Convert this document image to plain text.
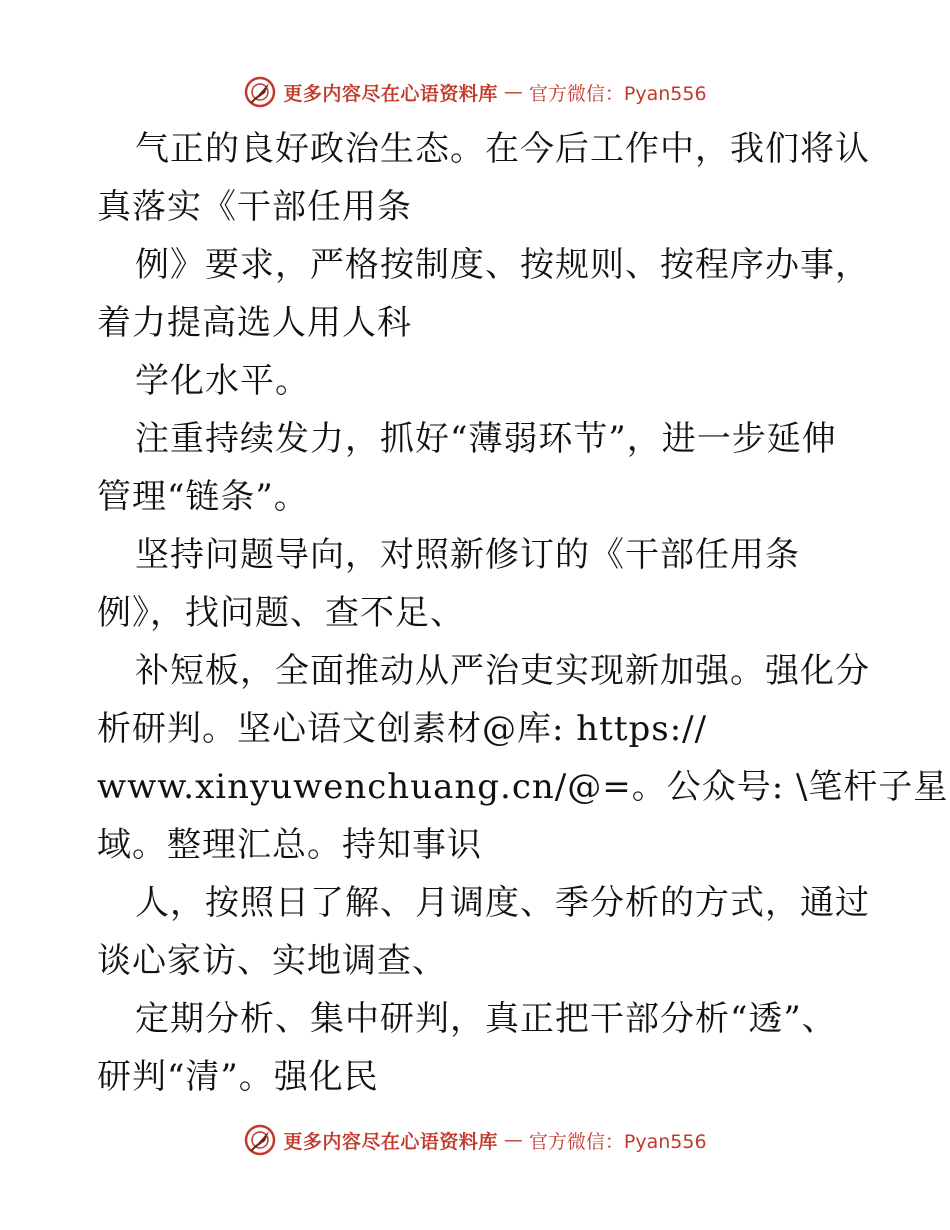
更多内容尽在心语资料库 — 官方微信：Pyan556
气正的良好政治生态。在今后工作中，我们将认
真落实《干部任用条
例》要求，严格按制度、按规则、按程序办事，
着力提高选人用人科
学化水平。
注重持续发力，抓好“薄弱环节”，进一步延伸
管理“链条”。
坚持问题导向，对照新修订的《干部任用条
例》，找问题、查不足、
补短板，全面推动从严治吏实现新加强。强化分
析研判。坚心语文创素材@库: https://
www.xinyuwenchuang.cn/@=。公众号: \笔杆子星
域。整理汇总。持知事识
人，按照日了解、月调度、季分析的方式，通过
谈心家访、实地调查、
定期分析、集中研判，真正把干部分析“透”、
研判“清”。强化民
更多内容尽在心语资料库 — 官方微信：Pyan556
